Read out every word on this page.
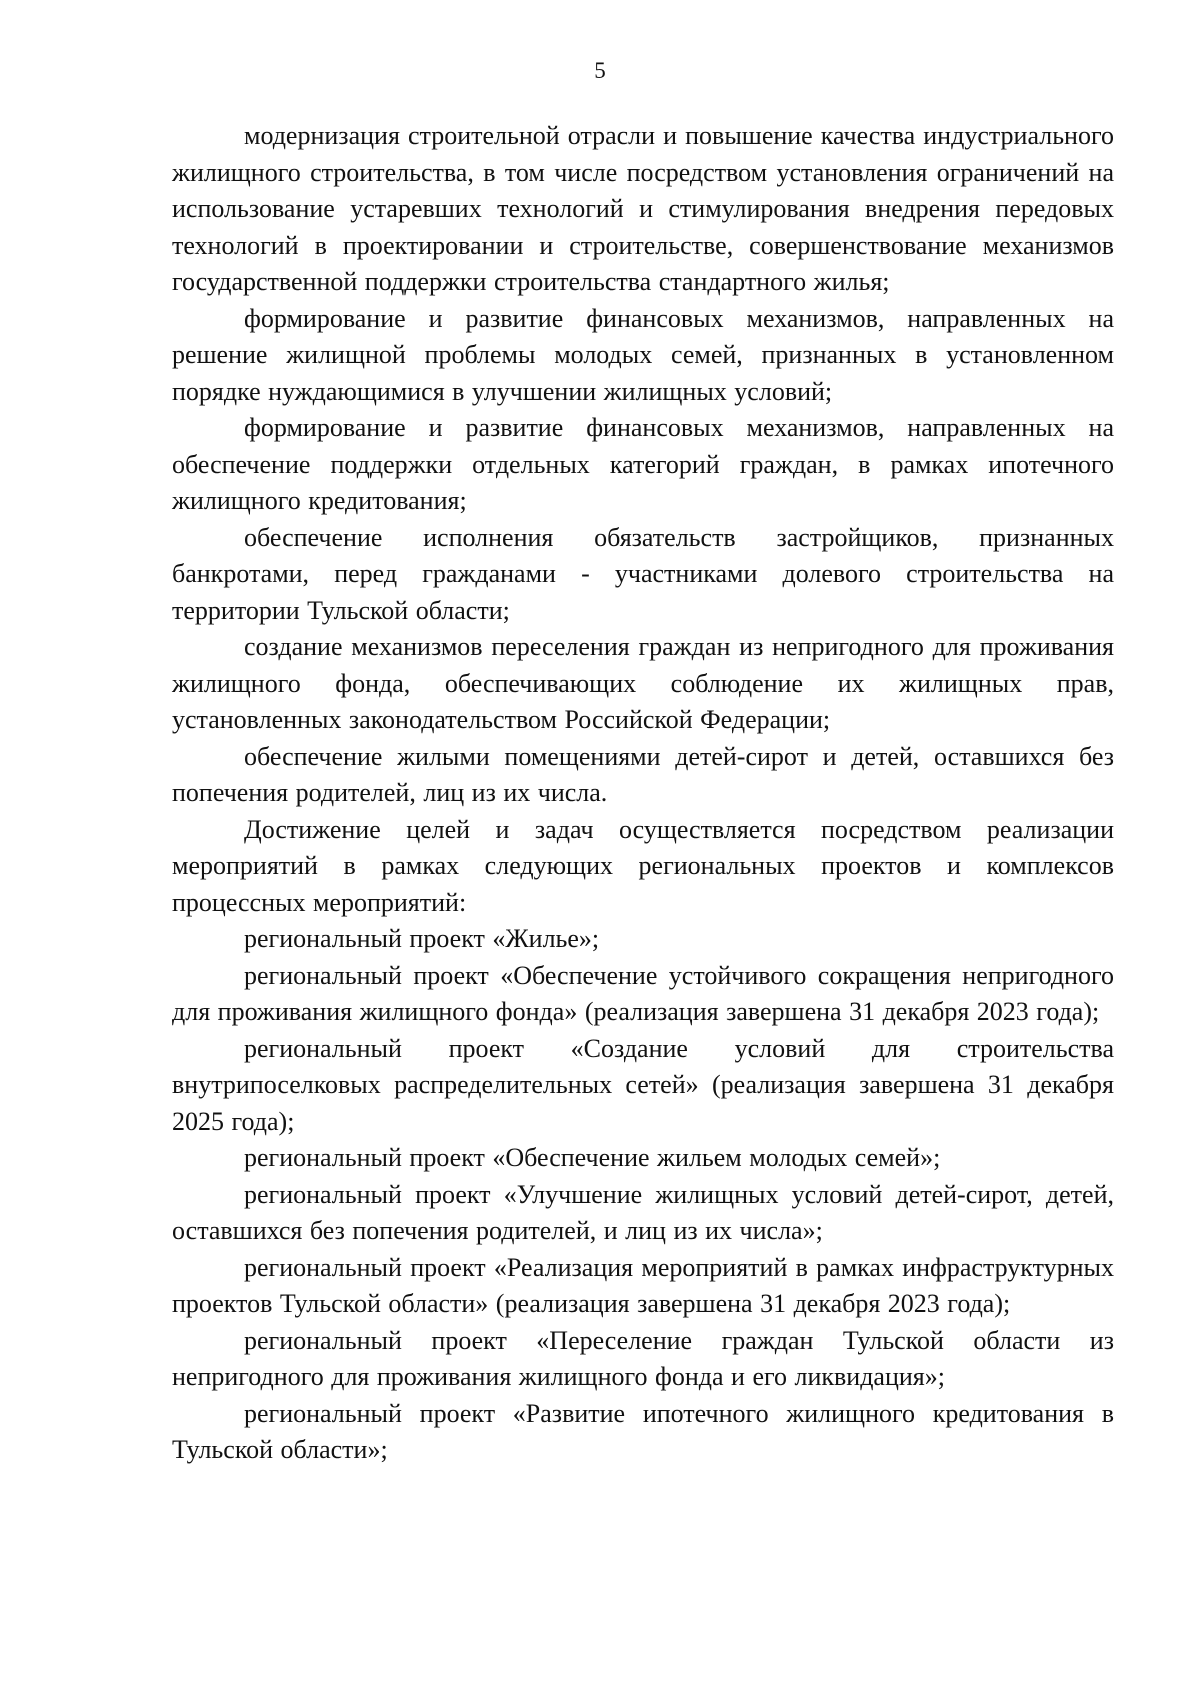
5

модернизация строительной отрасли и повышение качества индустриального жилищного строительства, в том числе посредством установления ограничений на использование устаревших технологий и стимулирования внедрения передовых технологий в проектировании и строительстве, совершенствование механизмов государственной поддержки строительства стандартного жилья;

формирование и развитие финансовых механизмов, направленных на решение жилищной проблемы молодых семей, признанных в установленном порядке нуждающимися в улучшении жилищных условий;

формирование и развитие финансовых механизмов, направленных на обеспечение поддержки отдельных категорий граждан, в рамках ипотечного жилищного кредитования;

обеспечение исполнения обязательств застройщиков, признанных банкротами, перед гражданами - участниками долевого строительства на территории Тульской области;

создание механизмов переселения граждан из непригодного для проживания жилищного фонда, обеспечивающих соблюдение их жилищных прав, установленных законодательством Российской Федерации;

обеспечение жилыми помещениями детей-сирот и детей, оставшихся без попечения родителей, лиц из их числа.

Достижение целей и задач осуществляется посредством реализации мероприятий в рамках следующих региональных проектов и комплексов процессных мероприятий:

региональный проект «Жилье»;

региональный проект «Обеспечение устойчивого сокращения непригодного для проживания жилищного фонда» (реализация завершена 31 декабря 2023 года);

региональный проект «Создание условий для строительства внутрипоселковых распределительных сетей» (реализация завершена 31 декабря 2025 года);

региональный проект «Обеспечение жильем молодых семей»;

региональный проект «Улучшение жилищных условий детей-сирот, детей, оставшихся без попечения родителей, и лиц из их числа»;

региональный проект «Реализация мероприятий в рамках инфраструктурных проектов Тульской области» (реализация завершена 31 декабря 2023 года);

региональный проект «Переселение граждан Тульской области из непригодного для проживания жилищного фонда и его ликвидация»;

региональный проект «Развитие ипотечного жилищного кредитования в Тульской области»;
